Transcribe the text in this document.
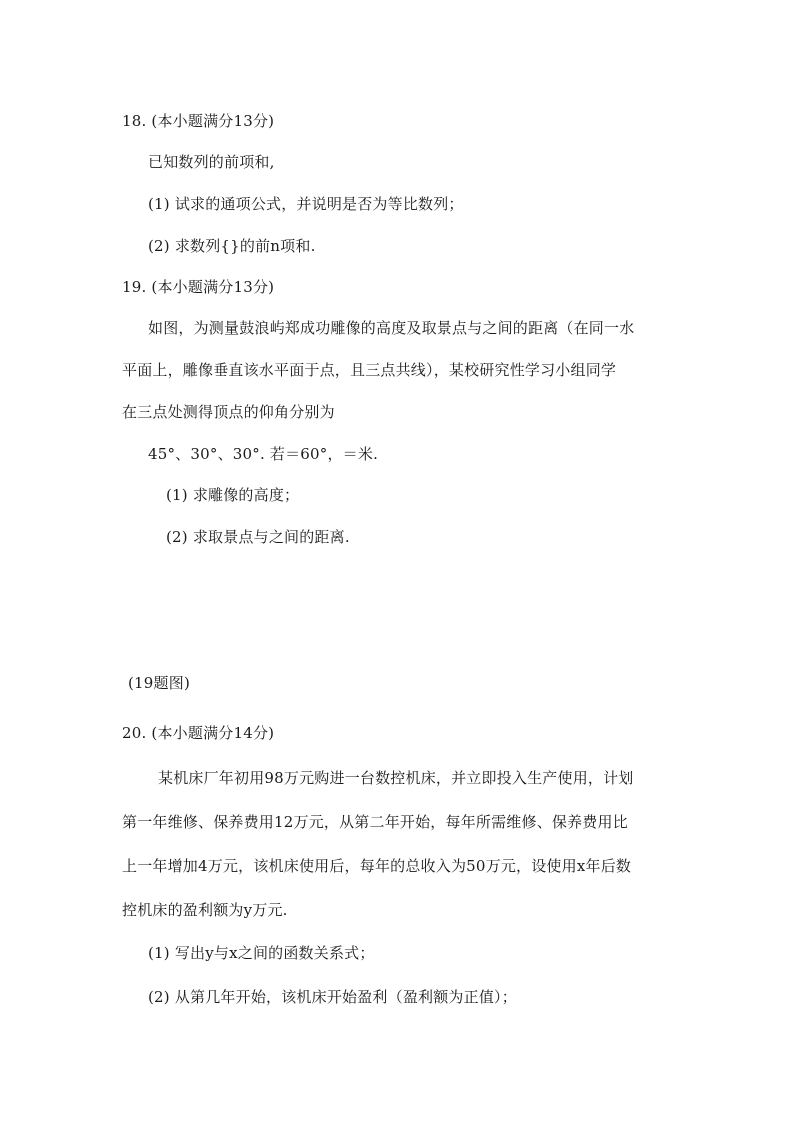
18. (本小题满分13分)
已知数列的前项和,
(1) 试求的通项公式，并说明是否为等比数列；
(2) 求数列{}的前n项和.
19. (本小题满分13分)
如图，为测量鼓浪屿郑成功雕像的高度及取景点与之间的距离（在同一水
平面上，雕像垂直该水平面于点，且三点共线），某校研究性学习小组同学
在三点处测得顶点的仰角分别为
45°、30°、30°. 若＝60°，＝米.
(1) 求雕像的高度；
(2) 求取景点与之间的距离.
(19题图)
20. (本小题满分14分)
某机床厂年初用98万元购进一台数控机床，并立即投入生产使用，计划
第一年维修、保养费用12万元，从第二年开始，每年所需维修、保养费用比
上一年增加4万元，该机床使用后，每年的总收入为50万元，设使用x年后数
控机床的盈利额为y万元.
(1) 写出y与x之间的函数关系式；
(2) 从第几年开始，该机床开始盈利（盈利额为正值）；
